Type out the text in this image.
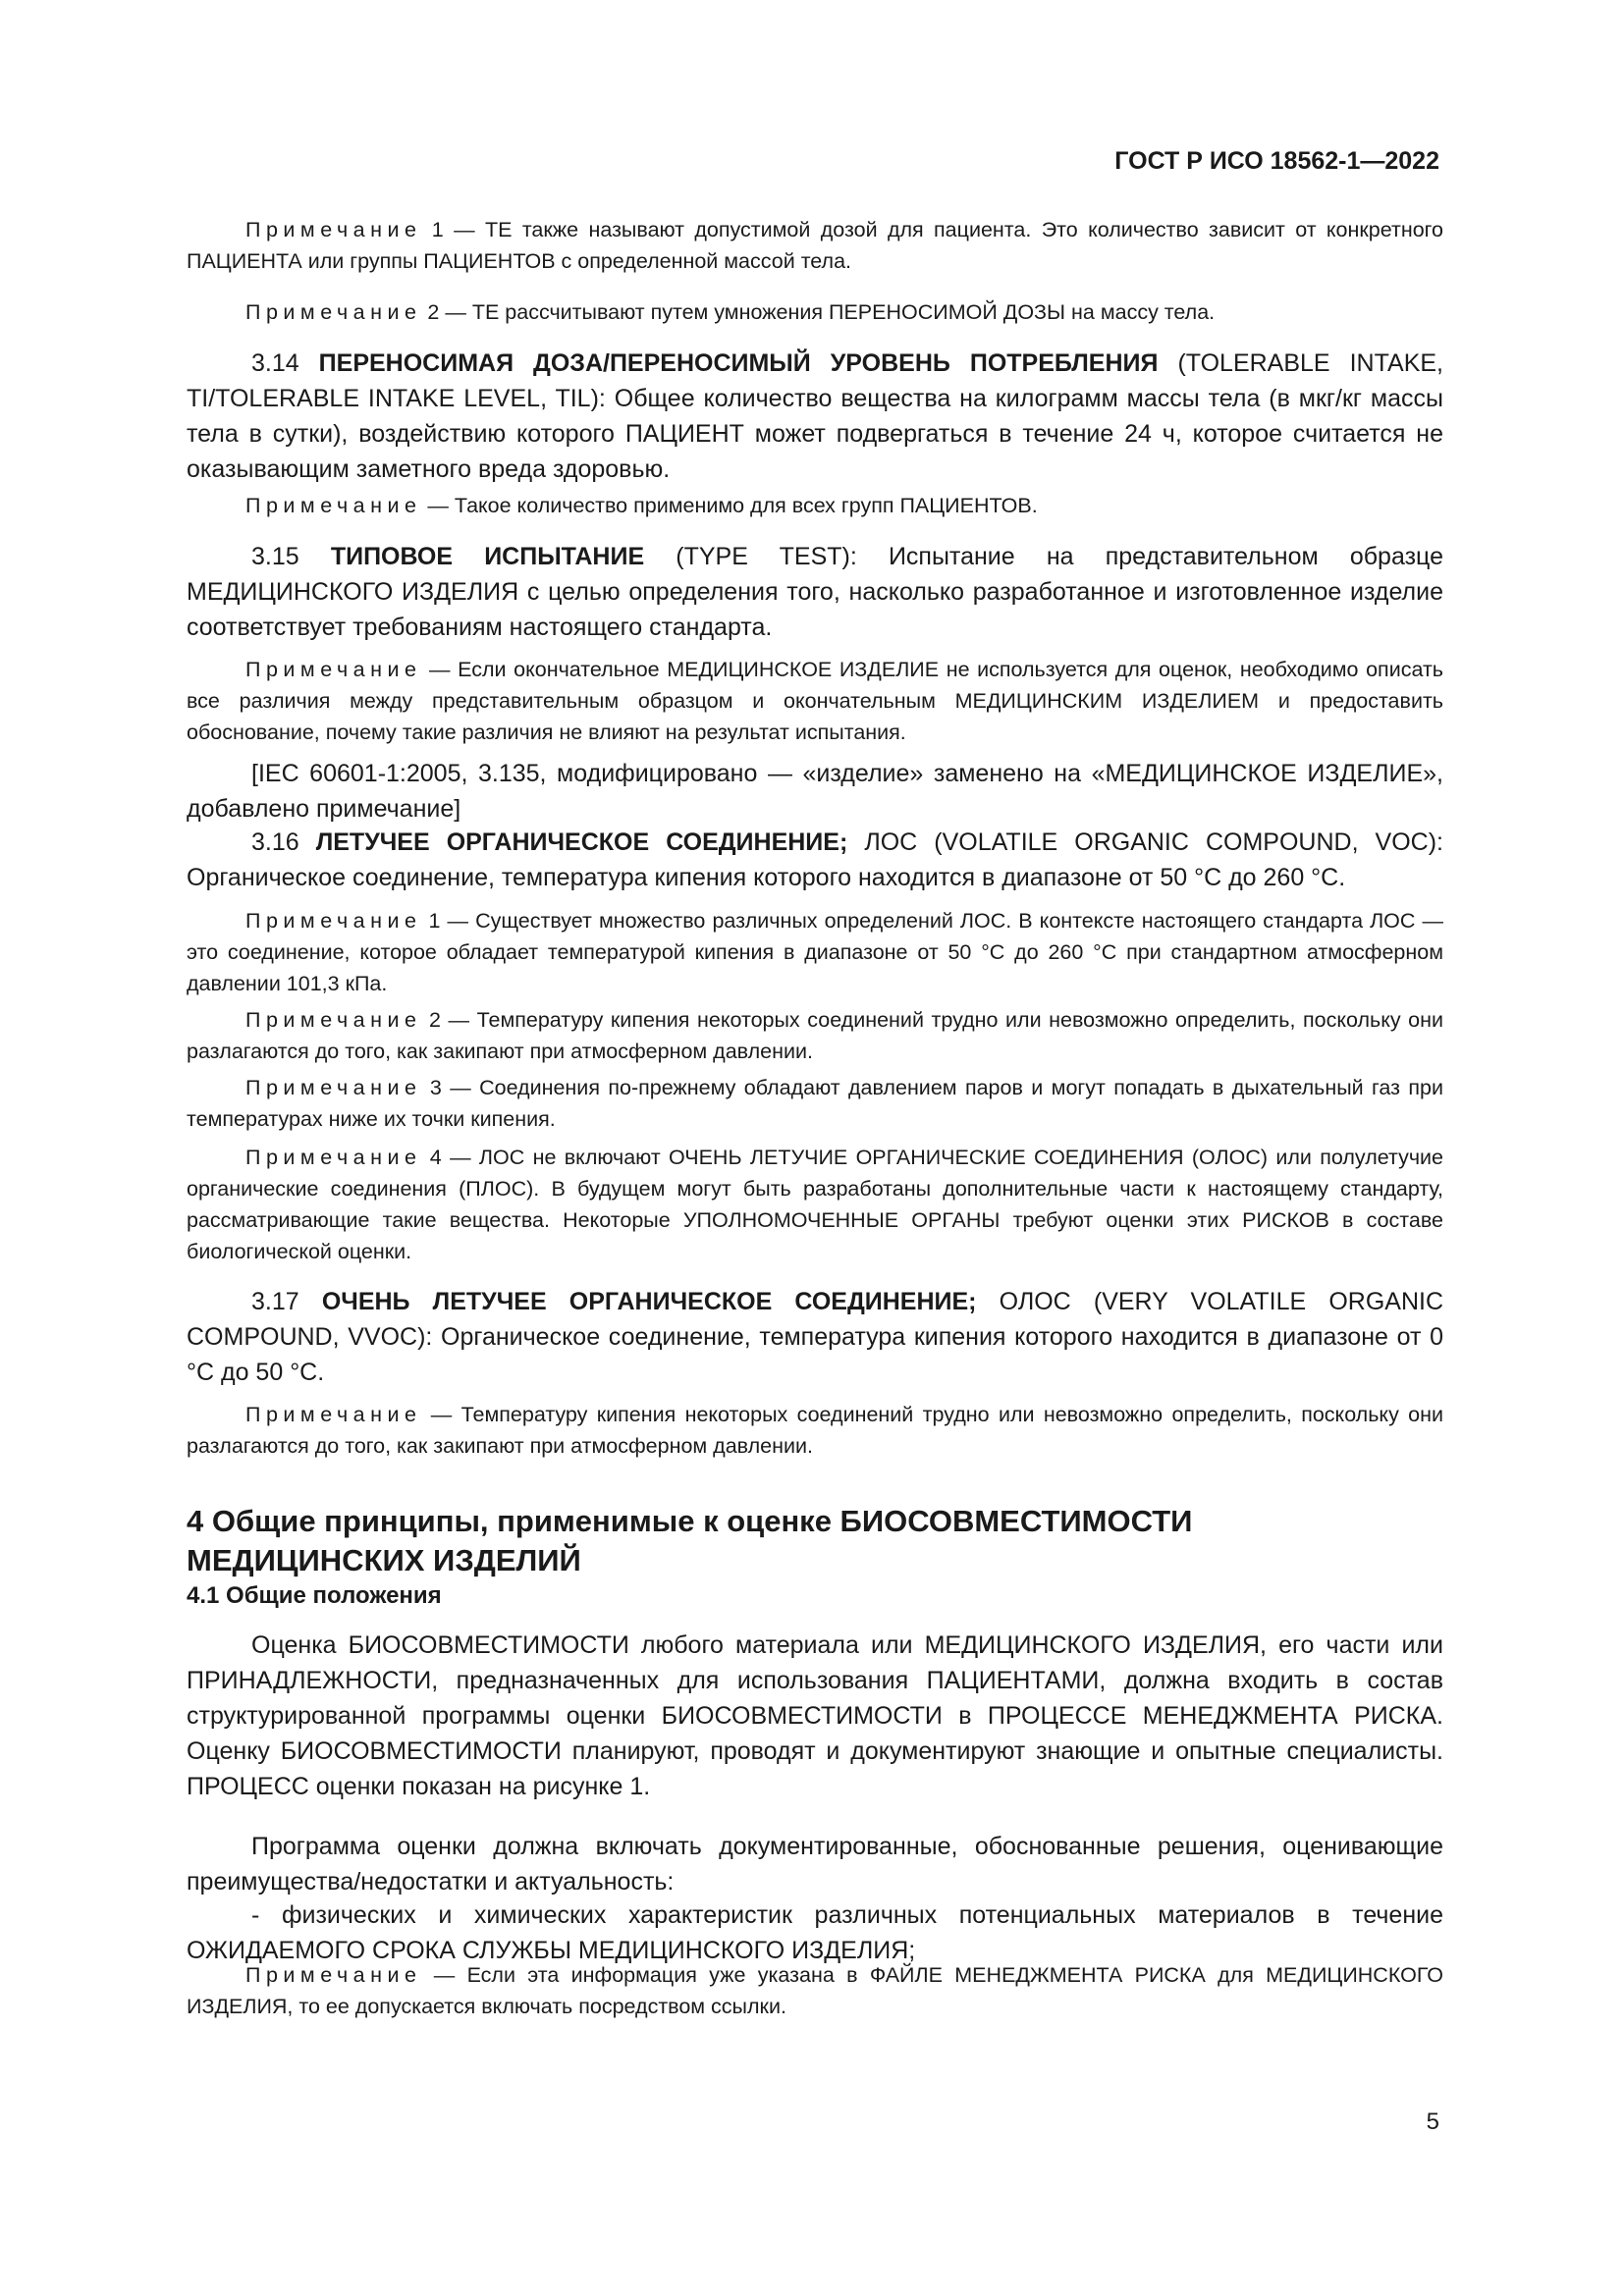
ГОСТ Р ИСО 18562-1—2022

Примечание 1 — ТЕ также называют допустимой дозой для пациента. Это количество зависит от конкретного ПАЦИЕНТА или группы ПАЦИЕНТОВ с определенной массой тела.

Примечание 2 — ТЕ рассчитывают путем умножения ПЕРЕНОСИМОЙ ДОЗЫ на массу тела.

3.14 ПЕРЕНОСИМАЯ ДОЗА/ПЕРЕНОСИМЫЙ УРОВЕНЬ ПОТРЕБЛЕНИЯ (TOLERABLE INTAKE, TI/TOLERABLE INTAKE LEVEL, TIL): Общее количество вещества на килограмм массы тела (в мкг/кг массы тела в сутки), воздействию которого ПАЦИЕНТ может подвергаться в течение 24 ч, которое считается не оказывающим заметного вреда здоровью.

Примечание — Такое количество применимо для всех групп ПАЦИЕНТОВ.

3.15 ТИПОВОЕ ИСПЫТАНИЕ (TYPE TEST): Испытание на представительном образце МЕДИЦИНСКОГО ИЗДЕЛИЯ с целью определения того, насколько разработанное и изготовленное изделие соответствует требованиям настоящего стандарта.

Примечание — Если окончательное МЕДИЦИНСКОЕ ИЗДЕЛИЕ не используется для оценок, необходимо описать все различия между представительным образцом и окончательным МЕДИЦИНСКИМ ИЗДЕЛИЕМ и предоставить обоснование, почему такие различия не влияют на результат испытания.

[IEC 60601-1:2005, 3.135, модифицировано — «изделие» заменено на «МЕДИЦИНСКОЕ ИЗДЕЛИЕ», добавлено примечание]

3.16 ЛЕТУЧЕЕ ОРГАНИЧЕСКОЕ СОЕДИНЕНИЕ; ЛОС (VOLATILE ORGANIC COMPOUND, VOC): Органическое соединение, температура кипения которого находится в диапазоне от 50 °С до 260 °С.

Примечание 1 — Существует множество различных определений ЛОС. В контексте настоящего стандарта ЛОС — это соединение, которое обладает температурой кипения в диапазоне от 50 °С до 260 °С при стандартном атмосферном давлении 101,3 кПа.

Примечание 2 — Температуру кипения некоторых соединений трудно или невозможно определить, поскольку они разлагаются до того, как закипают при атмосферном давлении.

Примечание 3 — Соединения по-прежнему обладают давлением паров и могут попадать в дыхательный газ при температурах ниже их точки кипения.

Примечание 4 — ЛОС не включают ОЧЕНЬ ЛЕТУЧИЕ ОРГАНИЧЕСКИЕ СОЕДИНЕНИЯ (ОЛОС) или полулетучие органические соединения (ПЛОС). В будущем могут быть разработаны дополнительные части к настоящему стандарту, рассматривающие такие вещества. Некоторые УПОЛНОМОЧЕННЫЕ ОРГАНЫ требуют оценки этих РИСКОВ в составе биологической оценки.

3.17 ОЧЕНЬ ЛЕТУЧЕЕ ОРГАНИЧЕСКОЕ СОЕДИНЕНИЕ; ОЛОС (VERY VOLATILE ORGANIC COMPOUND, VVOC): Органическое соединение, температура кипения которого находится в диапазоне от 0 °С до 50 °С.

Примечание — Температуру кипения некоторых соединений трудно или невозможно определить, поскольку они разлагаются до того, как закипают при атмосферном давлении.

4 Общие принципы, применимые к оценке БИОСОВМЕСТИМОСТИ МЕДИЦИНСКИХ ИЗДЕЛИЙ
4.1 Общие положения

Оценка БИОСОВМЕСТИМОСТИ любого материала или МЕДИЦИНСКОГО ИЗДЕЛИЯ, его части или ПРИНАДЛЕЖНОСТИ, предназначенных для использования ПАЦИЕНТАМИ, должна входить в состав структурированной программы оценки БИОСОВМЕСТИМОСТИ в ПРОЦЕССЕ МЕНЕДЖМЕНТА РИСКА. Оценку БИОСОВМЕСТИМОСТИ планируют, проводят и документируют знающие и опытные специалисты. ПРОЦЕСС оценки показан на рисунке 1.

Программа оценки должна включать документированные, обоснованные решения, оценивающие преимущества/недостатки и актуальность:

- физических и химических характеристик различных потенциальных материалов в течение ОЖИДАЕМОГО СРОКА СЛУЖБЫ МЕДИЦИНСКОГО ИЗДЕЛИЯ;

Примечание — Если эта информация уже указана в ФАЙЛЕ МЕНЕДЖМЕНТА РИСКА для МЕДИЦИНСКОГО ИЗДЕЛИЯ, то ее допускается включать посредством ссылки.

5
